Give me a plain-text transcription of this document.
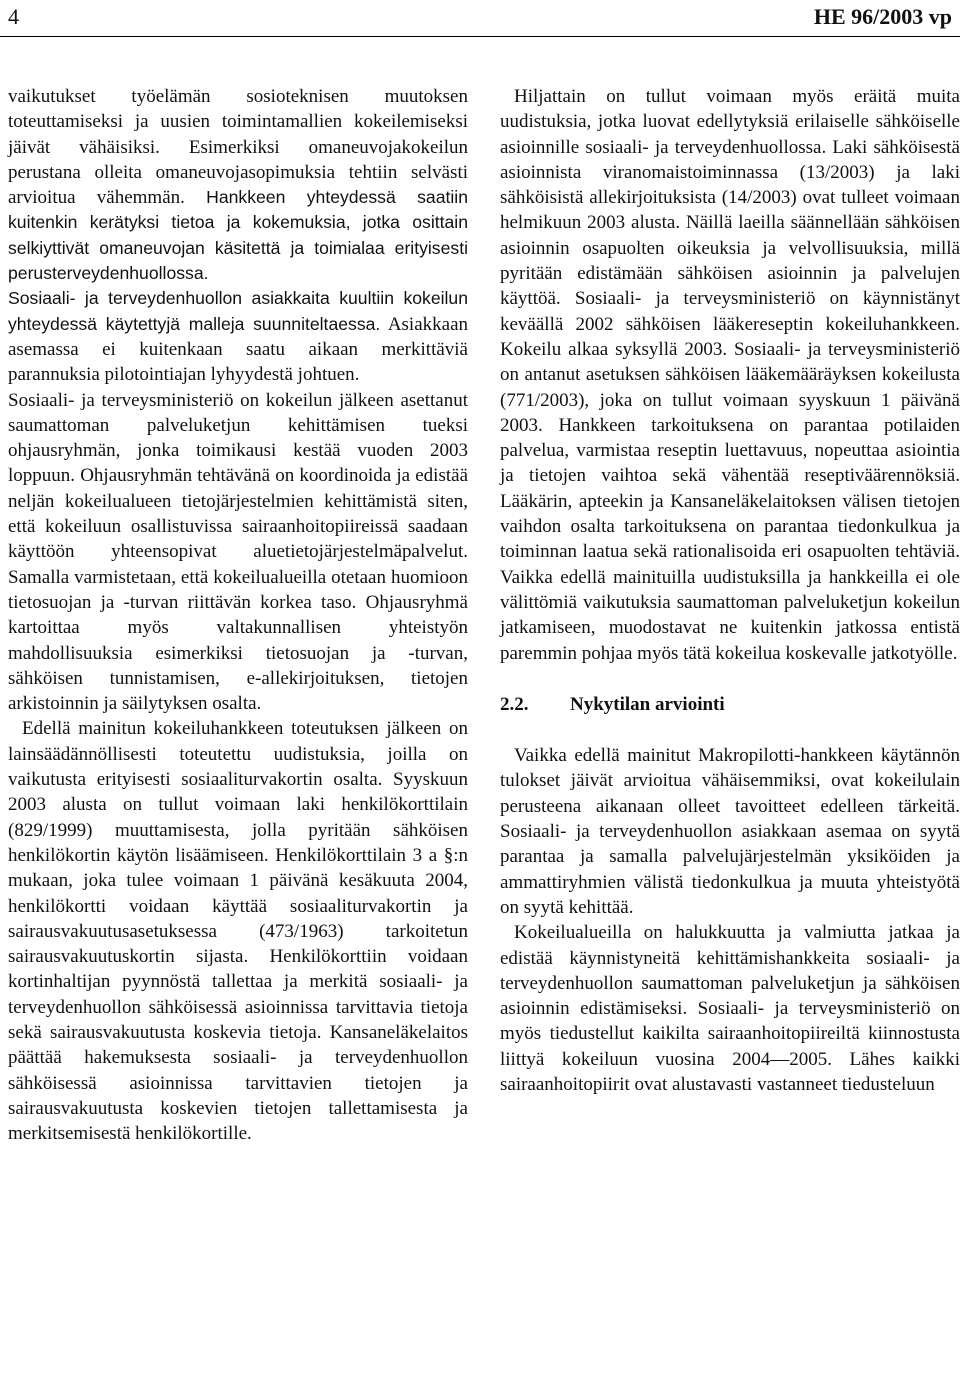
4	HE 96/2003 vp

vaikutukset työelämän sosioteknisen muutoksen toteuttamiseksi ja uusien toimintamallien kokeilemiseksi jäivät vähäisiksi. Esimerkiksi omaneuvojakokeilun perustana olleita omaneuvojasopimuksia tehtiin selvästi arvioitua vähemmän. Hankkeen yhteydessä saatiin kuitenkin kerätyksi tietoa ja kokemuksia, jotka osittain selkiyttivät omaneuvojan käsitettä ja toimialaa erityisesti perusterveydenhuollossa.

Sosiaali- ja terveydenhuollon asiakkaita kuultiin kokeilun yhteydessä käytettyjä malleja suunniteltaessa. Asiakkaan asemassa ei kuitenkaan saatu aikaan merkittäviä parannuksia pilotointiajan lyhyydestä johtuen.

Sosiaali- ja terveysministeriö on kokeilun jälkeen asettanut saumattoman palveluketjun kehittämisen tueksi ohjausryhmän, jonka toimikausi kestää vuoden 2003 loppuun. Ohjausryhmän tehtävänä on koordinoida ja edistää neljän kokeilualueen tietojärjestelmien kehittämistä siten, että kokeiluun osallistuvissa sairaanhoitopiireissä saadaan käyttöön yhteensopivat aluetietojärjestelmäpalvelut. Samalla varmistetaan, että kokeilualueilla otetaan huomioon tietosuojan ja -turvan riittävän korkea taso. Ohjausryhmä kartoittaa myös valtakunnallisen yhteistyön mahdollisuuksia esimerkiksi tietosuojan ja -turvan, sähköisen tunnistamisen, e-allekirjoituksen, tietojen arkistoinnin ja säilytyksen osalta.

Edellä mainitun kokeiluhankkeen toteutuksen jälkeen on lainsäädännöllisesti toteutettu uudistuksia, joilla on vaikutusta erityisesti sosiaaliturvakortin osalta. Syyskuun 2003 alusta on tullut voimaan laki henkilökorttilain (829/1999) muuttamisesta, jolla pyritään sähköisen henkilökortin käytön lisäämiseen. Henkilökorttilain 3 a §:n mukaan, joka tulee voimaan 1 päivänä kesäkuuta 2004, henkilökortti voidaan käyttää sosiaaliturvakortin ja sairausvakuutusasetuksessa (473/1963) tarkoitetun sairausvakuutuskortin sijasta. Henkilökorttiin voidaan kortinhaltijan pyynnöstä tallettaa ja merkitä sosiaali- ja terveydenhuollon sähköisessä asioinnissa tarvittavia tietoja sekä sairausvakuutusta koskevia tietoja. Kansaneläkelaitos päättää hakemuksesta sosiaali- ja terveydenhuollon sähköisessä asioinnissa tarvittavien tietojen ja sairausvakuutusta koskevien tietojen tallettamisesta ja merkitsemisestä henkilökortille.

Hiljattain on tullut voimaan myös eräitä muita uudistuksia, jotka luovat edellytyksiä erilaiselle sähköiselle asioinnille sosiaali- ja terveydenhuollossa. Laki sähköisestä asioinnista viranomaistoiminnassa (13/2003) ja laki sähköisistä allekirjoituksista (14/2003) ovat tulleet voimaan helmikuun 2003 alusta. Näillä laeilla säännellään sähköisen asioinnin osapuolten oikeuksia ja velvollisuuksia, millä pyritään edistämään sähköisen asioinnin ja palvelujen käyttöä. Sosiaali- ja terveysministeriö on käynnistänyt keväällä 2002 sähköisen lääkereseptin kokeiluhankkeen. Kokeilu alkaa syksyllä 2003. Sosiaali- ja terveysministeriö on antanut asetuksen sähköisen lääkemääräyksen kokeilusta (771/2003), joka on tullut voimaan syyskuun 1 päivänä 2003. Hankkeen tarkoituksena on parantaa potilaiden palvelua, varmistaa reseptin luettavuus, nopeuttaa asiointia ja tietojen vaihtoa sekä vähentää reseptiväärennöksiä. Lääkärin, apteekin ja Kansaneläkelaitoksen välisen tietojen vaihdon osalta tarkoituksena on parantaa tiedonkulkua ja toiminnan laatua sekä rationalisoida eri osapuolten tehtäviä. Vaikka edellä mainituilla uudistuksilla ja hankkeilla ei ole välittömiä vaikutuksia saumattoman palveluketjun kokeilun jatkamiseen, muodostavat ne kuitenkin jatkossa entistä paremmin pohjaa myös tätä kokeilua koskevalle jatkotyölle.

2.2.	Nykytilan arviointi

Vaikka edellä mainitut Makropilotti-hankkeen käytännön tulokset jäivät arvioitua vähäisemmiksi, ovat kokeilulain perusteena aikanaan olleet tavoitteet edelleen tärkeitä. Sosiaali- ja terveydenhuollon asiakkaan asemaa on syytä parantaa ja samalla palvelujärjestelmän yksiköiden ja ammattiryhmien välistä tiedonkulkua ja muuta yhteistyötä on syytä kehittää.

Kokeilualueilla on halukkuutta ja valmiutta jatkaa ja edistää käynnistyneitä kehittämishankkeita sosiaali- ja terveydenhuollon saumattoman palveluketjun ja sähköisen asioinnin edistämiseksi. Sosiaali- ja terveysministeriö on myös tiedustellut kaikilta sairaanhoitopiireiltä kiinnostusta liittyä kokeiluun vuosina 2004—2005. Lähes kaikki sairaanhoitopiirit ovat alustavasti vastanneet tiedusteluun
